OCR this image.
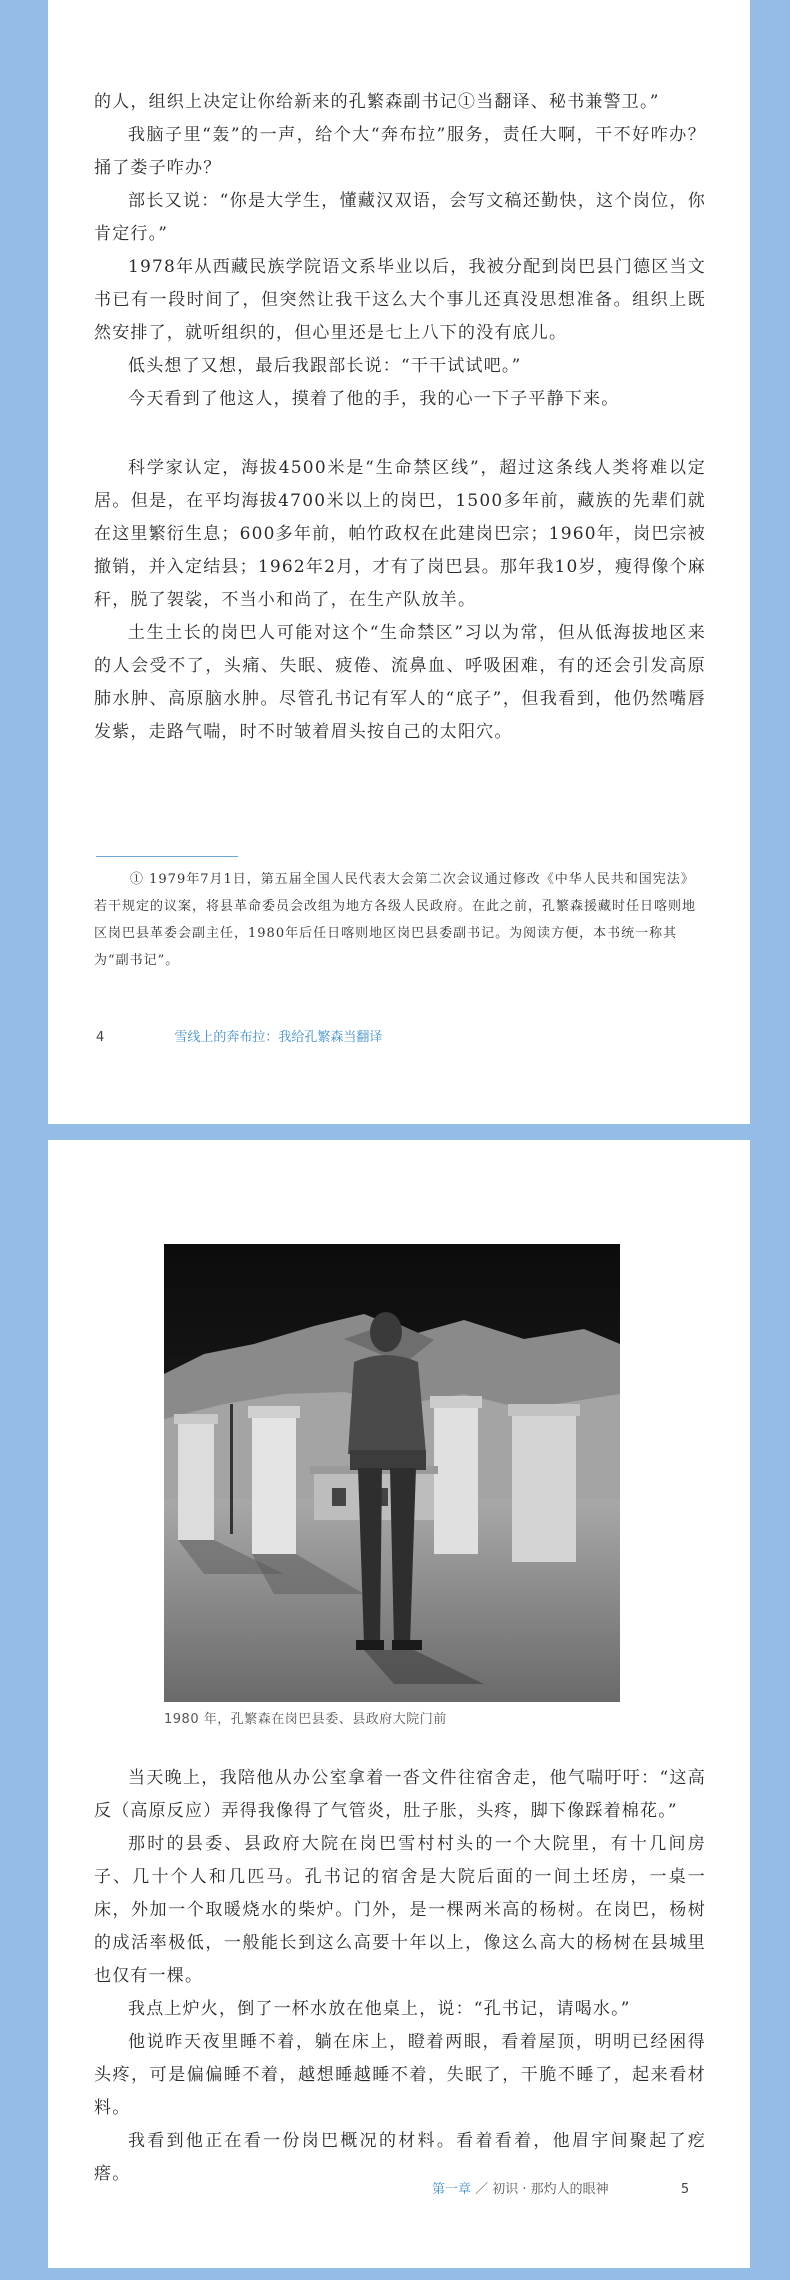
的人，组织上决定让你给新来的孔繁森副书记①当翻译、秘书兼警卫。”

我脑子里“轰”的一声，给个大“奔布拉”服务，责任大啊，干不好咋办？捅了娄子咋办？

部长又说：“你是大学生，懂藏汉双语，会写文稿还勤快，这个岗位，你肯定行。”

1978年从西藏民族学院语文系毕业以后，我被分配到岗巴县门德区当文书已有一段时间了，但突然让我干这么大个事儿还真没思想准备。组织上既然安排了，就听组织的，但心里还是七上八下的没有底儿。

低头想了又想，最后我跟部长说：“干干试试吧。”

今天看到了他这人，摸着了他的手，我的心一下子平静下来。

科学家认定，海拔4500米是“生命禁区线”，超过这条线人类将难以定居。但是，在平均海拔4700米以上的岗巴，1500多年前，藏族的先辈们就在这里繁衍生息；600多年前，帕竹政权在此建岗巴宗；1960年，岗巴宗被撤销，并入定结县；1962年2月，才有了岗巴县。那年我10岁，瘦得像个麻秆，脱了袈裟，不当小和尚了，在生产队放羊。

土生土长的岗巴人可能对这个“生命禁区”习以为常，但从低海拔地区来的人会受不了，头痛、失眠、疲倦、流鼻血、呼吸困难，有的还会引发高原肺水肿、高原脑水肿。尽管孔书记有军人的“底子”，但我看到，他仍然嘴唇发紫，走路气喘，时不时皱着眉头按自己的太阳穴。

① 1979年7月1日，第五届全国人民代表大会第二次会议通过修改《中华人民共和国宪法》若干规定的议案，将县革命委员会改组为地方各级人民政府。在此之前，孔繁森援藏时任日喀则地区岗巴县革委会副主任，1980年后任日喀则地区岗巴县委副书记。为阅读方便，本书统一称其为“副书记”。
4	雪线上的奔布拉：我给孔繁森当翻译
1980 年，孔繁森在岗巴县委、县政府大院门前

当天晚上，我陪他从办公室拿着一沓文件往宿舍走，他气喘吁吁：“这高反（高原反应）弄得我像得了气管炎，肚子胀，头疼，脚下像踩着棉花。”

那时的县委、县政府大院在岗巴雪村村头的一个大院里，有十几间房子、几十个人和几匹马。孔书记的宿舍是大院后面的一间土坯房，一桌一床，外加一个取暖烧水的柴炉。门外，是一棵两米高的杨树。在岗巴，杨树的成活率极低，一般能长到这么高要十年以上，像这么高大的杨树在县城里也仅有一棵。

我点上炉火，倒了一杯水放在他桌上，说：“孔书记，请喝水。”

他说昨天夜里睡不着，躺在床上，瞪着两眼，看着屋顶，明明已经困得头疼，可是偏偏睡不着，越想睡越睡不着，失眠了，干脆不睡了，起来看材料。

我看到他正在看一份岗巴概况的材料。看着看着，他眉宇间聚起了疙瘩。

第一章 ／ 初识 · 那灼人的眼神	5
